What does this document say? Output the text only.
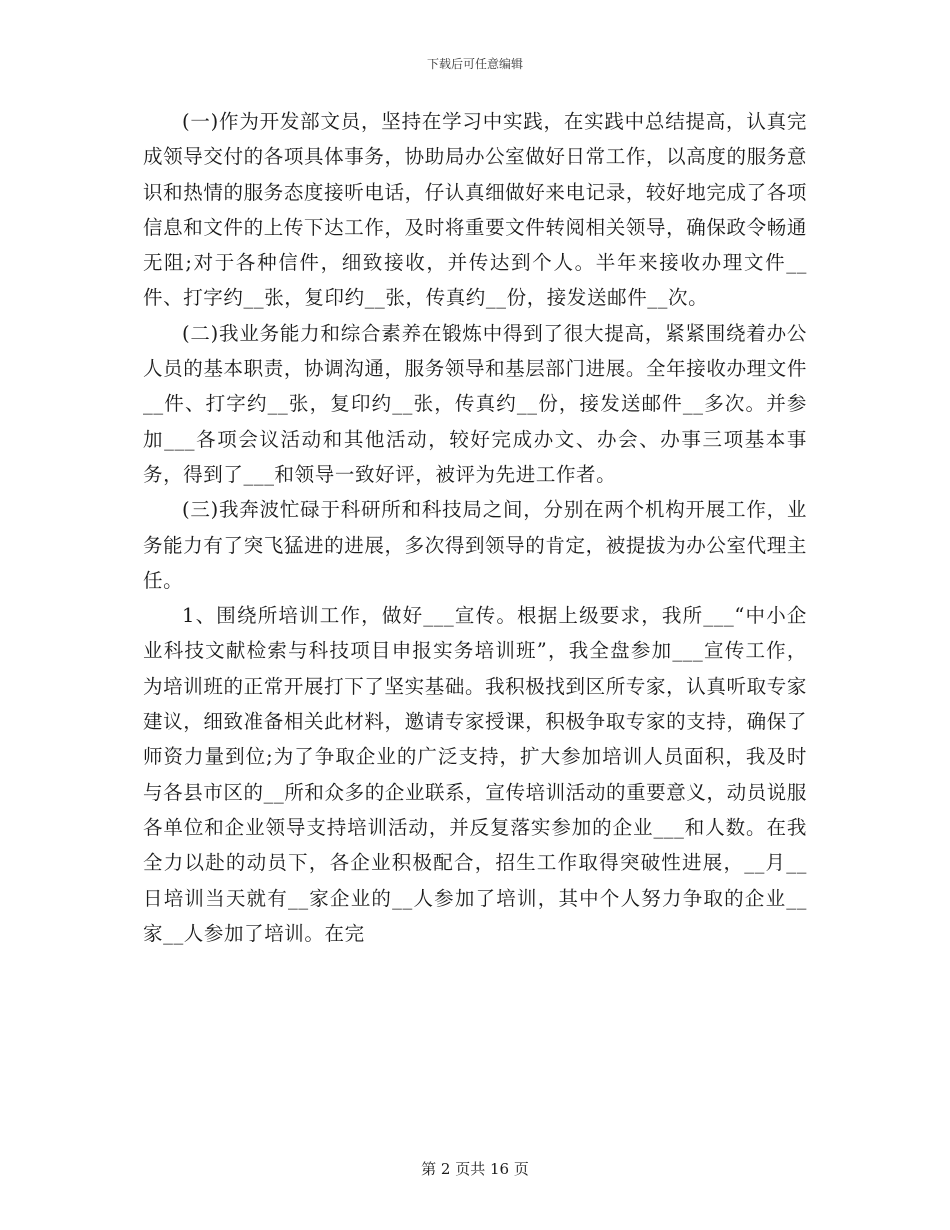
下载后可任意编辑

(一)作为开发部文员，坚持在学习中实践，在实践中总结提高，认真完成领导交付的各项具体事务，协助局办公室做好日常工作，以高度的服务意识和热情的服务态度接听电话，仔认真细做好来电记录，较好地完成了各项信息和文件的上传下达工作，及时将重要文件转阅相关领导，确保政令畅通无阻;对于各种信件，细致接收，并传达到个人。半年来接收办理文件__件、打字约__张，复印约__张，传真约__份，接发送邮件__次。

(二)我业务能力和综合素养在锻炼中得到了很大提高，紧紧围绕着办公人员的基本职责，协调沟通，服务领导和基层部门进展。全年接收办理文件__件、打字约__张，复印约__张，传真约__份，接发送邮件__多次。并参加___各项会议活动和其他活动，较好完成办文、办会、办事三项基本事务，得到了___和领导一致好评，被评为先进工作者。

(三)我奔波忙碌于科研所和科技局之间，分别在两个机构开展工作，业务能力有了突飞猛进的进展，多次得到领导的肯定，被提拔为办公室代理主任。

1、围绕所培训工作，做好___宣传。根据上级要求，我所___“中小企业科技文献检索与科技项目申报实务培训班”，我全盘参加___宣传工作，为培训班的正常开展打下了坚实基础。我积极找到区所专家，认真听取专家建议，细致准备相关此材料，邀请专家授课，积极争取专家的支持，确保了师资力量到位;为了争取企业的广泛支持，扩大参加培训人员面积，我及时与各县市区的__所和众多的企业联系，宣传培训活动的重要意义，动员说服各单位和企业领导支持培训活动，并反复落实参加的企业___和人数。在我全力以赴的动员下，各企业积极配合，招生工作取得突破性进展，__月__日培训当天就有__家企业的__人参加了培训，其中个人努力争取的企业__家__人参加了培训。在完

第 2 页共 16 页
